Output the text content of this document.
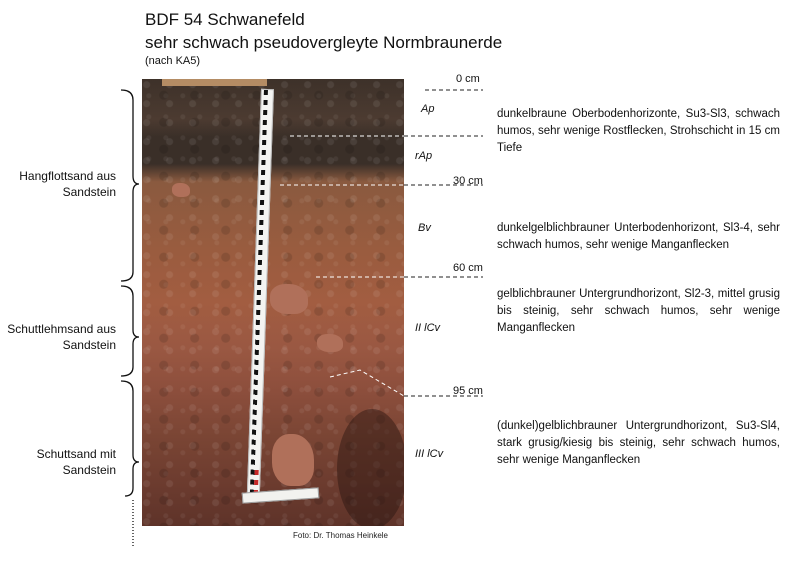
BDF 54 Schwanefeld
sehr schwach pseudovergleyte Normbraunerde
(nach KA5)
Foto: Dr. Thomas Heinkele
0 cm
30 cm
60 cm
95 cm
Ap
rAp
Bv
II lCv
III lCv
dunkelbraune Oberbodenhorizonte, Su3-Sl3, schwach humos, sehr wenige Rostflecken, Strohschicht in 15 cm Tiefe
dunkelgelblichbrauner Unterbodenhorizont, Sl3-4, sehr schwach humos, sehr wenige Manganflecken
gelblichbrauner Untergrundhorizont, Sl2-3, mittel grusig bis steinig, sehr schwach humos, sehr wenige Manganflecken
(dunkel)gelblichbrauner Untergrundhorizont, Su3-Sl4, stark grusig/kiesig bis steinig, sehr schwach humos, sehr wenige Manganflecken
Hangflottsand aus Sandstein
Schuttlehmsand aus Sandstein
Schuttsand mit Sandstein
